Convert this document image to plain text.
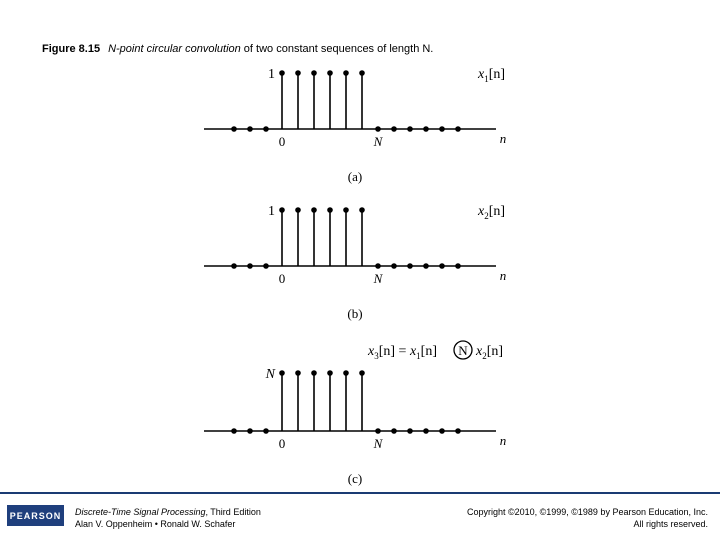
Figure 8.15 N-point circular convolution of two constant sequences of length N.
1
0	N	n
(a)
$x_1[n]$
1
0	N	n
(b)
$x_2[n]$
N
0	N	n
(c)
$x_3[n] = x_1[n]$ N $x_2[n]$
PEARSON	Discrete-Time Signal Processing, Third Edition
Alan V. Oppenheim • Ronald W. Schafer
Copyright ©2010, ©1999, ©1989 by Pearson Education, Inc.
All rights reserved.
